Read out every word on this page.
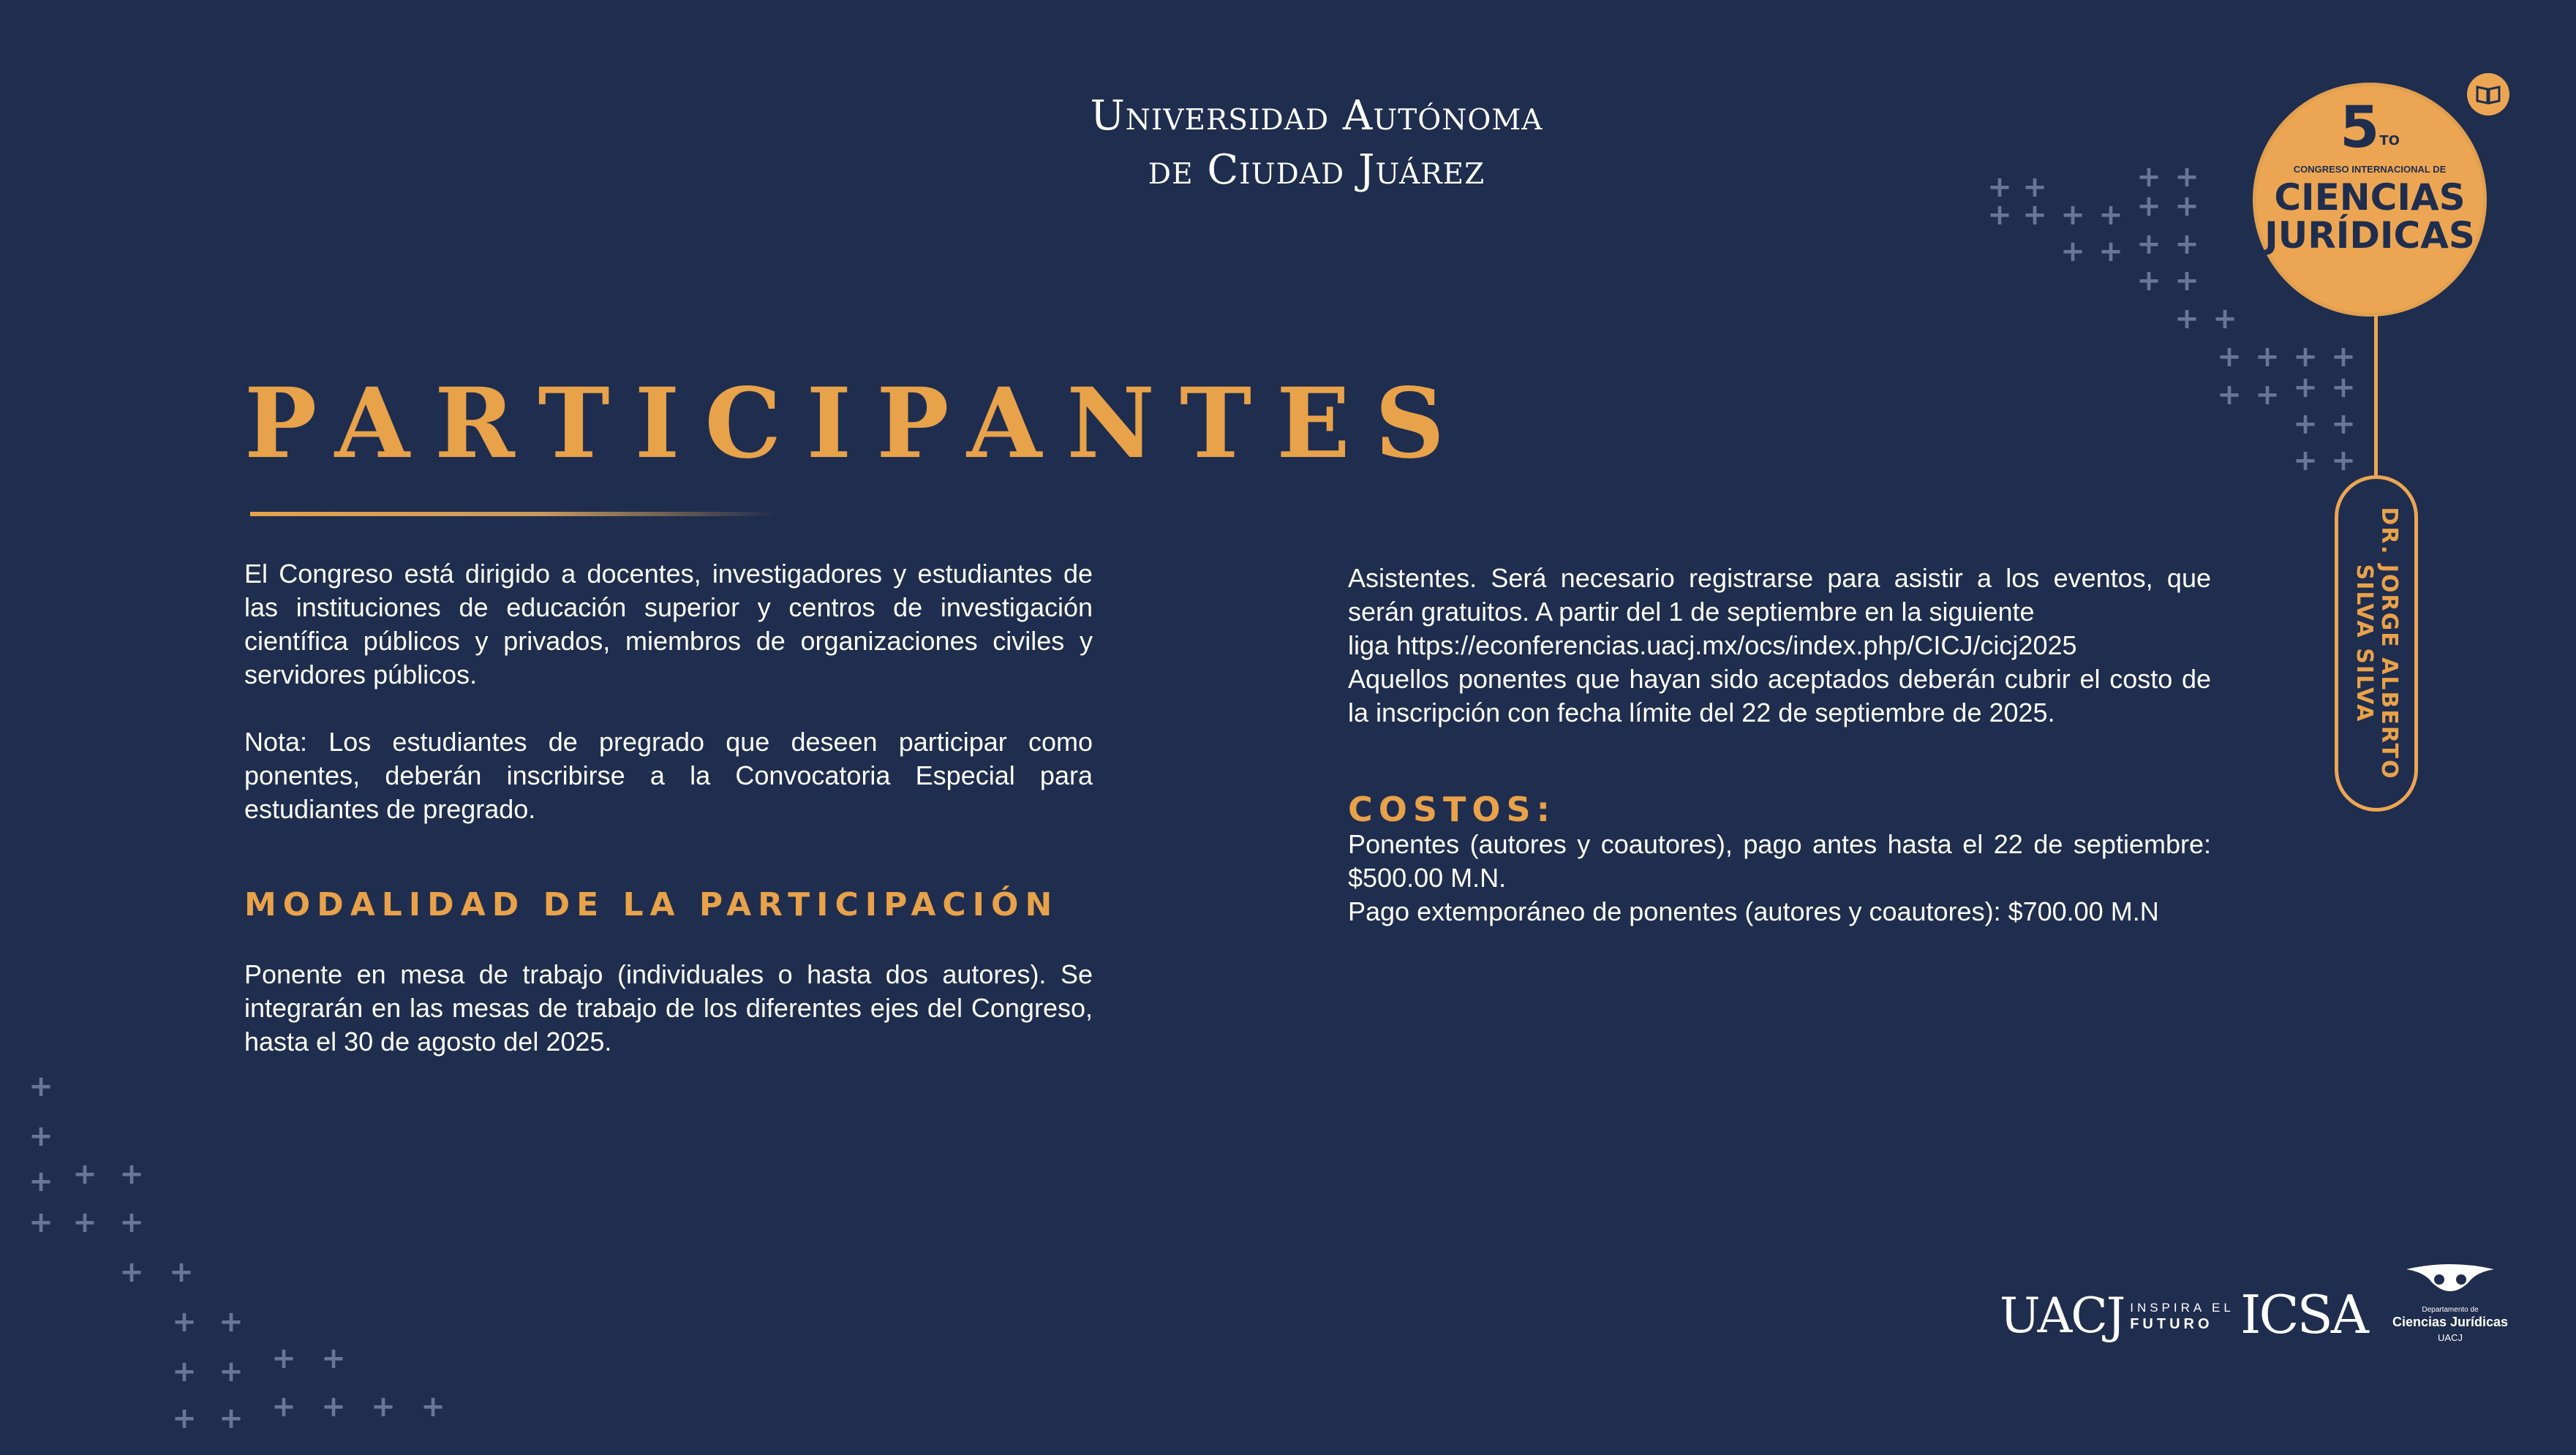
Universidad Autónoma
de Ciudad Juárez
PARTICIPANTES
El Congreso está dirigido a docentes, investigadores y estudiantes de las instituciones de educación superior y centros de investigación científica públicos y privados, miembros de organizaciones civiles y servidores públicos.
Nota: Los estudiantes de pregrado que deseen participar como ponentes, deberán inscribirse a la Convocatoria Especial para estudiantes de pregrado.
MODALIDAD DE LA PARTICIPACIÓN
Ponente en mesa de trabajo (individuales o hasta dos autores). Se integrarán en las mesas de trabajo de los diferentes ejes del Congreso, hasta el 30 de agosto del 2025.
Asistentes. Será necesario registrarse para asistir a los eventos, que serán gratuitos. A partir del 1 de septiembre en la siguiente
liga https://econferencias.uacj.mx/ocs/index.php/CICJ/cicj2025
Aquellos ponentes que hayan sido aceptados deberán cubrir el costo de la inscripción con fecha límite del 22 de septiembre de 2025.
COSTOS:
Ponentes (autores y coautores), pago antes hasta el 22 de septiembre: $500.00 M.N.
Pago extemporáneo de ponentes (autores y coautores): $700.00 M.N
$5^{TO}$
CONGRESO INTERNACIONAL DE
CIENCIAS
JURÍDICAS
DR. JORGE ALBERTO
SILVA SILVA
+ +
+ + + +
+ +
+ +
+ + + +
+ +
+ +
+ + + +
+ + + +
+ +
+ +
+
+
+ + +
+ + +
+ +
+ +
+ + + +
+ + + + + +
UACJ INSPIRA EL
FUTURO ICSA	Departamento de
Ciencias Jurídicas
UACJ
